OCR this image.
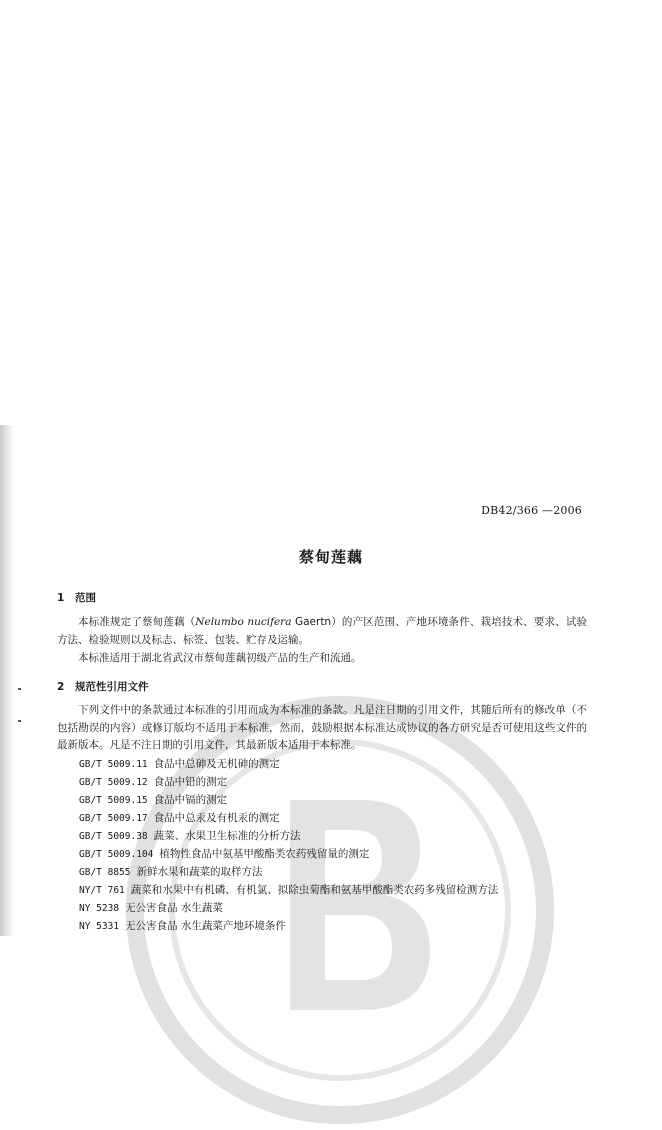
DB42/366 —2006
蔡甸莲藕
1 范围
本标准规定了蔡甸莲藕（Nelumbo nucifera Gaertn）的产区范围、产地环境条件、栽培技术、要求、试验方法、检验规则以及标志、标签、包装、贮存及运输。
本标准适用于湖北省武汉市蔡甸莲藕初级产品的生产和流通。
2 规范性引用文件
下列文件中的条款通过本标准的引用而成为本标准的条款。凡是注日期的引用文件，其随后所有的修改单（不包括勘误的内容）或修订版均不适用于本标准，然而，鼓励根据本标准达成协议的各方研究是否可使用这些文件的最新版本。凡是不注日期的引用文件，其最新版本适用于本标准。
GB/T 5009.11 食品中总砷及无机砷的测定
GB/T 5009.12 食品中铅的测定
GB/T 5009.15 食品中镉的测定
GB/T 5009.17 食品中总汞及有机汞的测定
GB/T 5009.38 蔬菜、水果卫生标准的分析方法
GB/T 5009.104 植物性食品中氨基甲酸酯类农药残留量的测定
GB/T 8855 新鲜水果和蔬菜的取样方法
NY/T 761 蔬菜和水果中有机磷、有机氯、拟除虫菊酯和氨基甲酸酯类农药多残留检测方法
NY 5238 无公害食品 水生蔬菜
NY 5331 无公害食品 水生蔬菜产地环境条件
